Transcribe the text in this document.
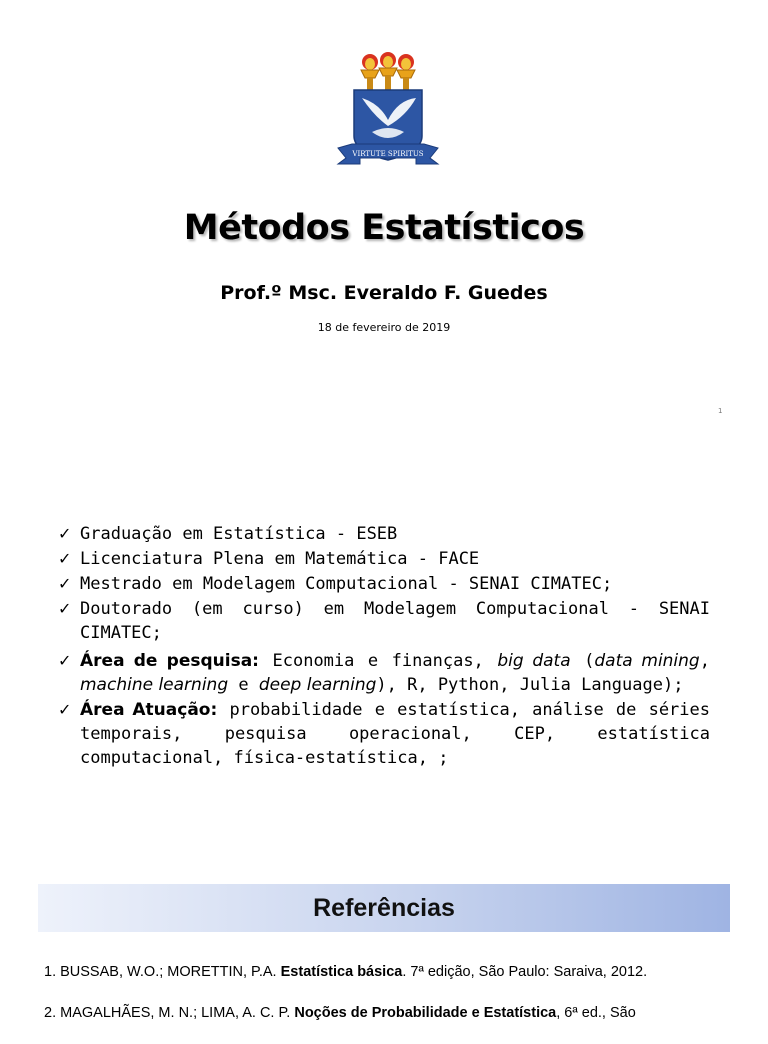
VIRTUTE SPIRITUS
Métodos Estatísticos
Prof.º Msc. Everaldo F. Guedes
18 de fevereiro de 2019
1
✓ Graduação em Estatística - ESEB
✓ Licenciatura Plena em Matemática - FACE
✓ Mestrado em Modelagem Computacional - SENAI CIMATEC;
✓ Doutorado (em curso) em Modelagem Computacional - SENAI CIMATEC;
✓ Área de pesquisa: Economia e finanças, big data (data mining, machine learning e deep learning), R, Python, Julia Language);
✓ Área Atuação: probabilidade e estatística, análise de séries temporais, pesquisa operacional, CEP, estatística computacional, física-estatística, ;
Referências

1. BUSSAB, W.O.; MORETTIN, P.A. Estatística básica. 7ª edição, São Paulo: Saraiva, 2012.

2. MAGALHÃES, M. N.; LIMA, A. C. P. Noções de Probabilidade e Estatística, 6ª ed., São
